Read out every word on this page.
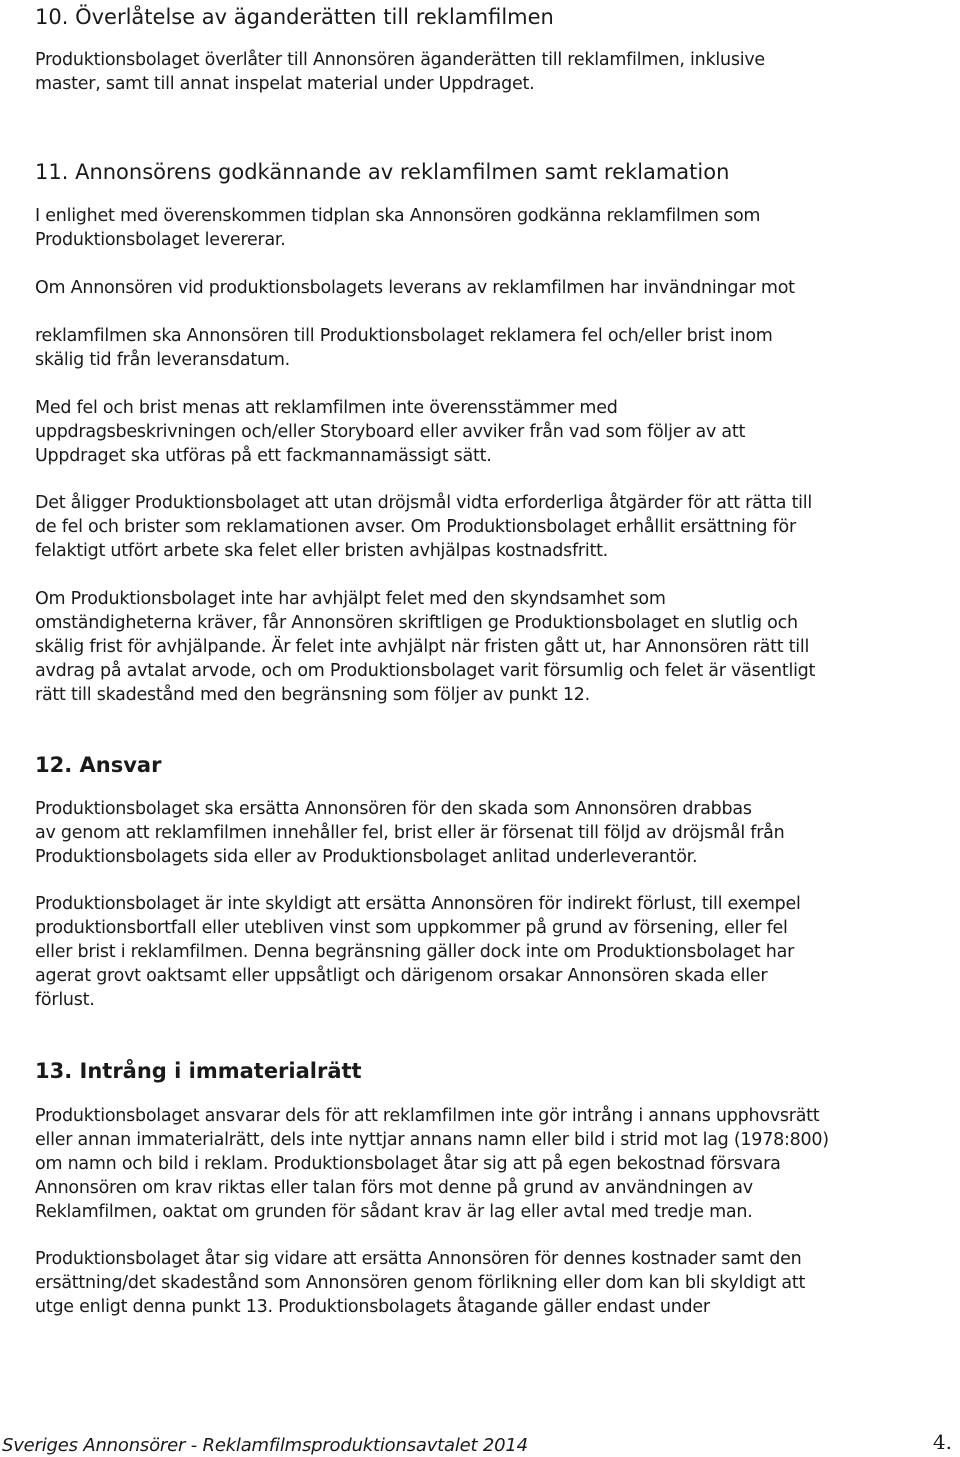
10. Överlåtelse av äganderätten till reklamfilmen
Produktionsbolaget överlåter till Annonsören äganderätten till reklamfilmen, inklusive
master, samt till annat inspelat material under Uppdraget.
11. Annonsörens godkännande av reklamfilmen samt reklamation
I enlighet med överenskommen tidplan ska Annonsören godkänna reklamfilmen som
Produktionsbolaget levererar.
Om Annonsören vid produktionsbolagets leverans av reklamfilmen har invändningar mot
reklamfilmen ska Annonsören till Produktionsbolaget reklamera fel och/eller brist inom
skälig tid från leveransdatum.
Med fel och brist menas att reklamfilmen inte överensstämmer med
uppdragsbeskrivningen och/eller Storyboard eller avviker från vad som följer av att
Uppdraget ska utföras på ett fackmannamässigt sätt.
Det åligger Produktionsbolaget att utan dröjsmål vidta erforderliga åtgärder för att rätta till
de fel och brister som reklamationen avser. Om Produktionsbolaget erhållit ersättning för
felaktigt utfört arbete ska felet eller bristen avhjälpas kostnadsfritt.
Om Produktionsbolaget inte har avhjälpt felet med den skyndsamhet som
omständigheterna kräver, får Annonsören skriftligen ge Produktionsbolaget en slutlig och
skälig frist för avhjälpande. Är felet inte avhjälpt när fristen gått ut, har Annonsören rätt till
avdrag på avtalat arvode, och om Produktionsbolaget varit försumlig och felet är väsentligt
rätt till skadestånd med den begränsning som följer av punkt 12.
12. Ansvar
Produktionsbolaget ska ersätta Annonsören för den skada som Annonsören drabbas
av genom att reklamfilmen innehåller fel, brist eller är försenat till följd av dröjsmål från
Produktionsbolagets sida eller av Produktionsbolaget anlitad underleverantör.
Produktionsbolaget är inte skyldigt att ersätta Annonsören för indirekt förlust, till exempel
produktionsbortfall eller utebliven vinst som uppkommer på grund av försening, eller fel
eller brist i reklamfilmen. Denna begränsning gäller dock inte om Produktionsbolaget har
agerat grovt oaktsamt eller uppsåtligt och därigenom orsakar Annonsören skada eller
förlust.
13. Intrång i immaterialrätt
Produktionsbolaget ansvarar dels för att reklamfilmen inte gör intrång i annans upphovsrätt
eller annan immaterialrätt, dels inte nyttjar annans namn eller bild i strid mot lag (1978:800)
om namn och bild i reklam. Produktionsbolaget åtar sig att på egen bekostnad försvara
Annonsören om krav riktas eller talan förs mot denne på grund av användningen av
Reklamfilmen, oaktat om grunden för sådant krav är lag eller avtal med tredje man.
Produktionsbolaget åtar sig vidare att ersätta Annonsören för dennes kostnader samt den
ersättning/det skadestånd som Annonsören genom förlikning eller dom kan bli skyldigt att
utge enligt denna punkt 13. Produktionsbolagets åtagande gäller endast under
Sveriges Annonsörer - Reklamfilmsproduktionsavtalet 2014	4.
